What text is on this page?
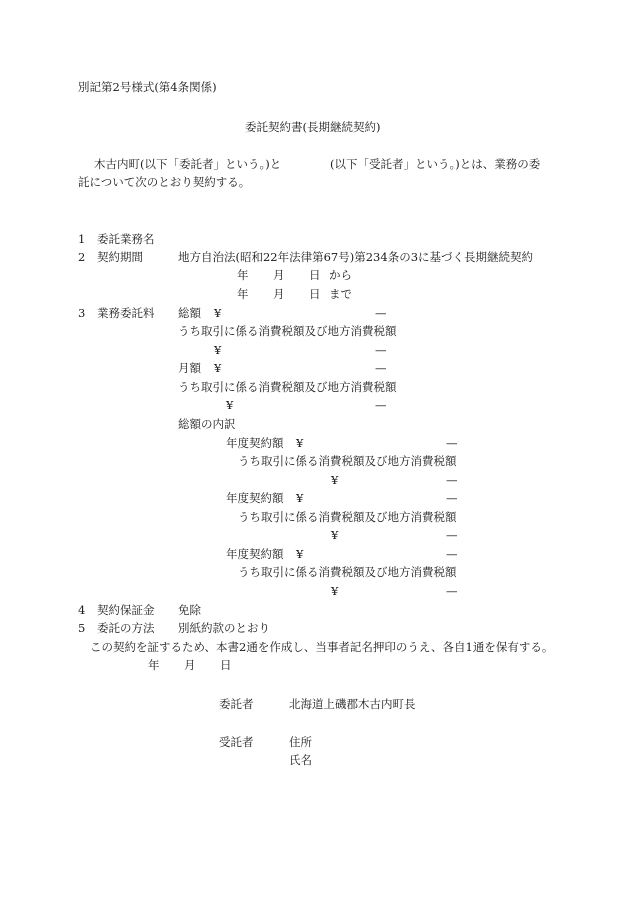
別記第2号様式(第4条関係)
委託契約書(長期継続契約)
木古内町(以下「委託者」という。)と	(以下「受託者」という。)とは、業務の委
託について次のとおり契約する。
1 委託業務名
2 契約期間	地方自治法(昭和22年法律第67号)第234条の3に基づく長期継続契約
年 月 日 から
年 月 日 まで
3 業務委託料 総額 ¥	—
うち取引に係る消費税額及び地方消費税額
¥	—
月額 ¥	—
うち取引に係る消費税額及び地方消費税額
¥	—
総額の内訳
年度契約額 ¥	—
うち取引に係る消費税額及び地方消費税額
¥	—
年度契約額 ¥	—
うち取引に係る消費税額及び地方消費税額
¥	—
年度契約額 ¥	—
うち取引に係る消費税額及び地方消費税額
¥	—
4 契約保証金 免除
5 委託の方法 別紙約款のとおり
この契約を証するため、本書2通を作成し、当事者記名押印のうえ、各自1通を保有する。
年 月 日
委託者	北海道上磯郡木古内町長
受託者	住所
氏名
